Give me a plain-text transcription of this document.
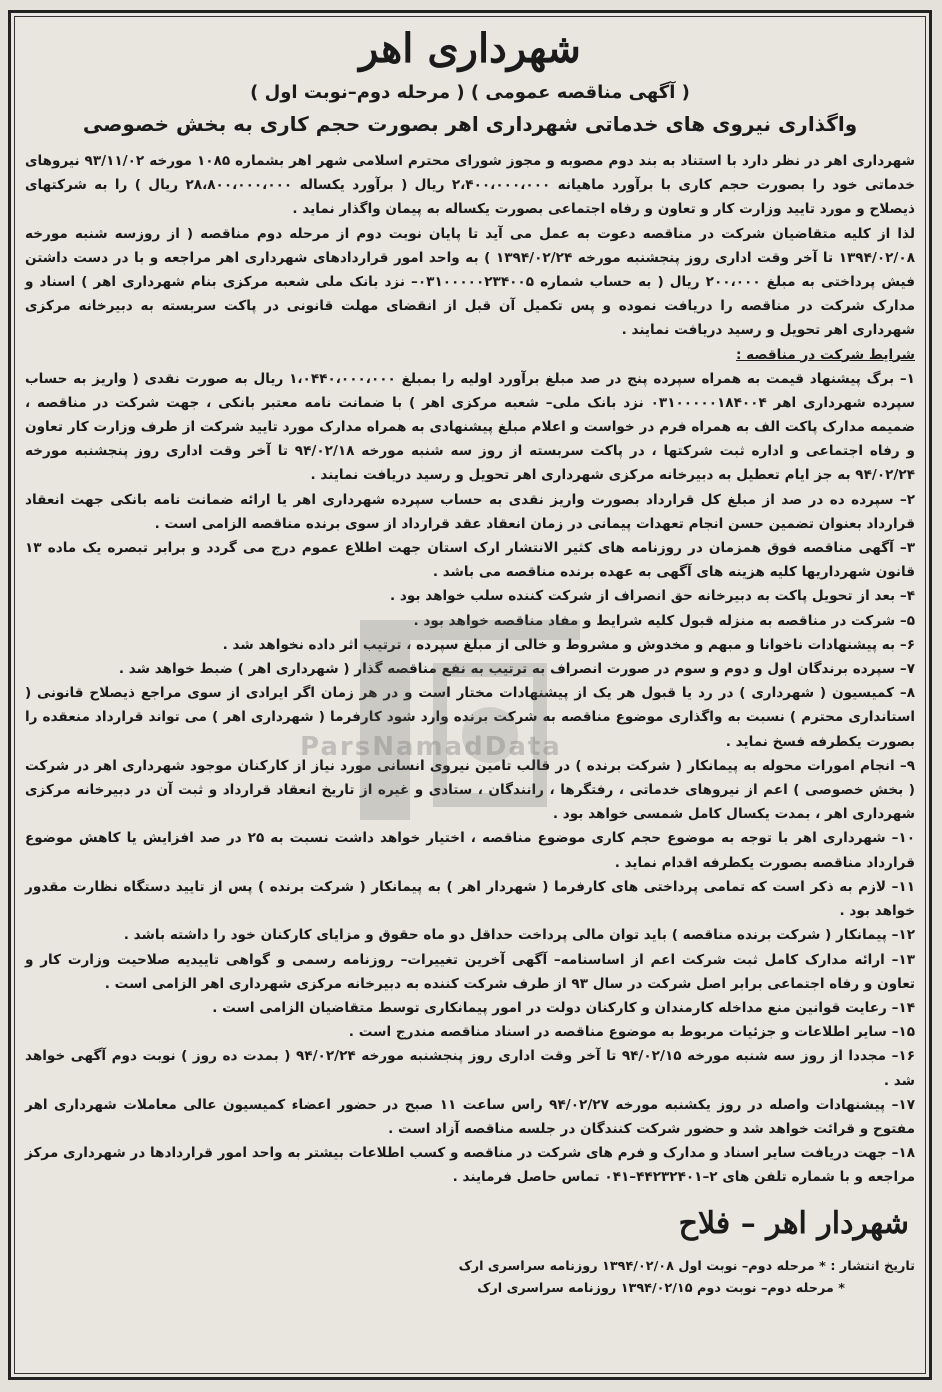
شهرداری اهر
( آگهی مناقصه عمومی ) ( مرحله دوم–نوبت اول )
واگذاری نیروی های خدماتی شهرداری اهر بصورت حجم کاری به بخش خصوصی

شهرداری اهر در نظر دارد با استناد به بند دوم مصوبه و مجوز شورای محترم اسلامی شهر اهر بشماره ۱۰۸۵ مورخه ۹۳/۱۱/۰۲ نیروهای خدماتی خود را بصورت حجم کاری با برآورد ماهیانه ۲،۴۰۰،۰۰۰،۰۰۰ ریال ( برآورد یکساله ۲۸،۸۰۰،۰۰۰،۰۰۰ ریال ) را به شرکتهای ذیصلاح و مورد تایید وزارت کار و تعاون و رفاه اجتماعی بصورت یکساله به پیمان واگذار نماید .

لذا از کلیه متقاضیان شرکت در مناقصه دعوت به عمل می آید تا پایان نوبت دوم از مرحله دوم مناقصه ( از روزسه شنبه مورخه ۱۳۹۴/۰۲/۰۸ تا آخر وقت اداری روز پنجشنبه مورخه ۱۳۹۴/۰۲/۲۴ ) به واحد امور قراردادهای شهرداری اهر مراجعه و با در دست داشتن فیش پرداختی به مبلغ ۲۰۰،۰۰۰ ریال ( به حساب شماره ۰۳۱۰۰۰۰۰۲۳۴۰۰۵– نزد بانک ملی شعبه مرکزی بنام شهرداری اهر ) اسناد و مدارک شرکت در مناقصه را دریافت نموده و پس تکمیل آن قبل از انقضای مهلت قانونی در پاکت سربسته به دبیرخانه مرکزی شهرداری اهر تحویل و رسید دریافت نمایند .

شرایط شرکت در مناقصه :

۱– برگ پیشنهاد قیمت به همراه سپرده پنج در صد مبلغ برآورد اولیه را بمبلغ ۱،۰۴۴۰،۰۰۰،۰۰۰ ریال به صورت نقدی ( واریز به حساب سپرده شهرداری اهر ۰۳۱۰۰۰۰۰۱۸۴۰۰۴ نزد بانک ملی– شعبه مرکزی اهر ) با ضمانت نامه معتبر بانکی ، جهت شرکت در مناقصه ، ضمیمه مدارک پاکت الف به همراه فرم در خواست و اعلام مبلغ پیشنهادی به همراه مدارک مورد تایید شرکت از طرف وزارت کار تعاون و رفاه اجتماعی و اداره ثبت شرکتها ، در پاکت سربسته از روز سه شنبه مورخه ۹۴/۰۲/۱۸ تا آخر وقت اداری روز پنجشنبه مورخه ۹۴/۰۲/۲۴ به جز ایام تعطیل به دبیرخانه مرکزی شهرداری اهر تحویل و رسید دریافت نمایند .

۲– سپرده ده در صد از مبلغ کل قرارداد بصورت واریز نقدی به حساب سپرده شهرداری اهر یا ارائه ضمانت نامه بانکی جهت انعقاد قرارداد بعنوان تضمین حسن انجام تعهدات پیمانی در زمان انعقاد عقد قرارداد از سوی برنده مناقصه الزامی است .

۳– آگهی مناقصه فوق همزمان در روزنامه های کثیر الانتشار ارک استان جهت اطلاع عموم درج می گردد و برابر تبصره یک ماده ۱۳ قانون شهرداریها کلیه هزینه های آگهی به عهده برنده مناقصه می باشد .

۴– بعد از تحویل پاکت به دبیرخانه حق انصراف از شرکت کننده سلب خواهد بود .

۵– شرکت در مناقصه به منزله قبول کلیه شرایط و مفاد مناقصه خواهد بود .

۶– به پیشنهادات ناخوانا و مبهم و مخدوش و مشروط و خالی از مبلغ سپرده ، ترتیب اثر داده نخواهد شد .

۷– سپرده برندگان اول و دوم و سوم در صورت انصراف به ترتیب به نفع مناقصه گذار ( شهرداری اهر ) ضبط خواهد شد .

۸– کمیسیون ( شهرداری ) در رد یا قبول هر یک از پیشنهادات مختار است و در هر زمان اگر ایرادی از سوی مراجع ذیصلاح قانونی ( استانداری محترم ) نسبت به واگذاری موضوع مناقصه به شرکت برنده وارد شود کارفرما ( شهرداری اهر ) می تواند قرارداد منعقده را بصورت یکطرفه فسخ نماید .

۹– انجام امورات محوله به پیمانکار ( شرکت برنده ) در قالب تامین نیروی انسانی مورد نیاز از کارکنان موجود شهرداری اهر در شرکت ( بخش خصوصی ) اعم از نیروهای خدماتی ، رفتگرها ، رانندگان ، ستادی و غیره از تاریخ انعقاد قرارداد و ثبت آن در دبیرخانه مرکزی شهرداری اهر ، بمدت یکسال کامل شمسی خواهد بود .

۱۰– شهرداری اهر با توجه به موضوع حجم کاری موضوع مناقصه ، اختیار خواهد داشت نسبت به ۲۵ در صد افزایش یا کاهش موضوع قرارداد مناقصه بصورت یکطرفه اقدام نماید .

۱۱– لازم به ذکر است که تمامی پرداختی های کارفرما ( شهردار اهر ) به پیمانکار ( شرکت برنده ) پس از تایید دستگاه نظارت مقدور خواهد بود .

۱۲– پیمانکار ( شرکت برنده مناقصه ) باید توان مالی پرداخت حداقل دو ماه حقوق و مزایای کارکنان خود را داشته باشد .

۱۳– ارائه مدارک کامل ثبت شرکت اعم از اساسنامه– آگهی آخرین تغییرات– روزنامه رسمی و گواهی تاییدیه صلاحیت وزارت کار و تعاون و رفاه اجتماعی برابر اصل شرکت در سال ۹۳ از طرف شرکت کننده به دبیرخانه مرکزی شهرداری اهر الزامی است .

۱۴– رعایت قوانین منع مداخله کارمندان و کارکنان دولت در امور پیمانکاری توسط متقاضیان الزامی است .

۱۵– سایر اطلاعات و جزئیات مربوط به موضوع مناقصه در اسناد مناقصه مندرج است .

۱۶– مجددا از روز سه شنبه مورخه ۹۴/۰۲/۱۵ تا آخر وقت اداری روز پنجشنبه مورخه ۹۴/۰۲/۲۴ ( بمدت ده روز ) نوبت دوم آگهی خواهد شد .

۱۷– پیشنهادات واصله در روز یکشنبه مورخه ۹۴/۰۲/۲۷ راس ساعت ۱۱ صبح در حضور اعضاء کمیسیون عالی معاملات شهرداری اهر مفتوح و قرائت خواهد شد و حضور شرکت کنندگان در جلسه مناقصه آزاد است .

۱۸– جهت دریافت سایر اسناد و مدارک و فرم های شرکت در مناقصه و کسب اطلاعات بیشتر به واحد امور قراردادها در شهرداری مرکز مراجعه و با شماره تلفن های ۲–۴۴۲۳۲۴۰۱–۰۴۱ تماس حاصل فرمایند .

شهردار اهر – فلاح

تاریخ انتشار : * مرحله دوم– نوبت اول ۱۳۹۴/۰۲/۰۸ روزنامه سراسری ارک

* مرحله دوم– نوبت دوم ۱۳۹۴/۰۲/۱۵ روزنامه سراسری ارک

ParsNamadData
